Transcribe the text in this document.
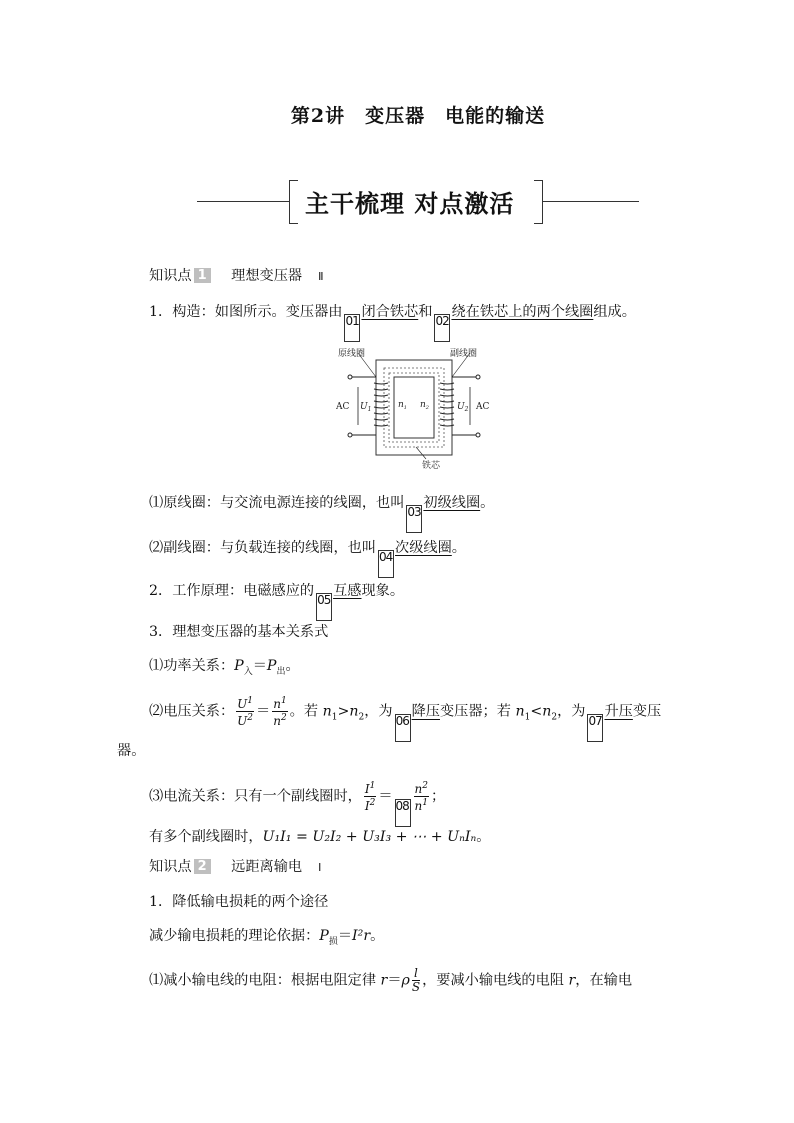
第2讲　变压器　电能的输送
主干梳理 对点激活
知识点 1 理想变压器 Ⅱ
1．构造：如图所示。变压器由01闭合铁芯和02绕在铁芯上的两个线圈组成。
原线圈	副线圈
铁芯
AC $U_1$	$U_2$ AC
$n_1$ $n_2$
⑴原线圈：与交流电源连接的线圈，也叫03初级线圈。
⑵副线圈：与负载连接的线圈，也叫04次级线圈。
2．工作原理：电磁感应的05互感现象。
3．理想变压器的基本关系式
⑴功率关系：$P_入=P_出$。
⑵电压关系： $\frac{U^1}{U^2} = \frac{n^1}{n^2}$ 。若 $n_1>n_2$，为06降压变压器；若 $n_1<n_2$，为07升压变压
器。
⑶电流关系：只有一个副线圈时， $\frac{I^1}{I^2} =08 \frac{n^2}{n^1}$ ；
有多个副线圈时，U₁I₁ = U₂I₂ + U₃I₃ + ⋯ + UₙIₙ。
知识点 2 远距离输电 Ⅰ
1．降低输电损耗的两个途径
减少输电损耗的理论依据：$P_损=I^2r$。
⑴减小输电线的电阻：根据电阻定律 $r=\rho \frac{l}{S}$ ，要减小输电线的电阻 r，在输电
